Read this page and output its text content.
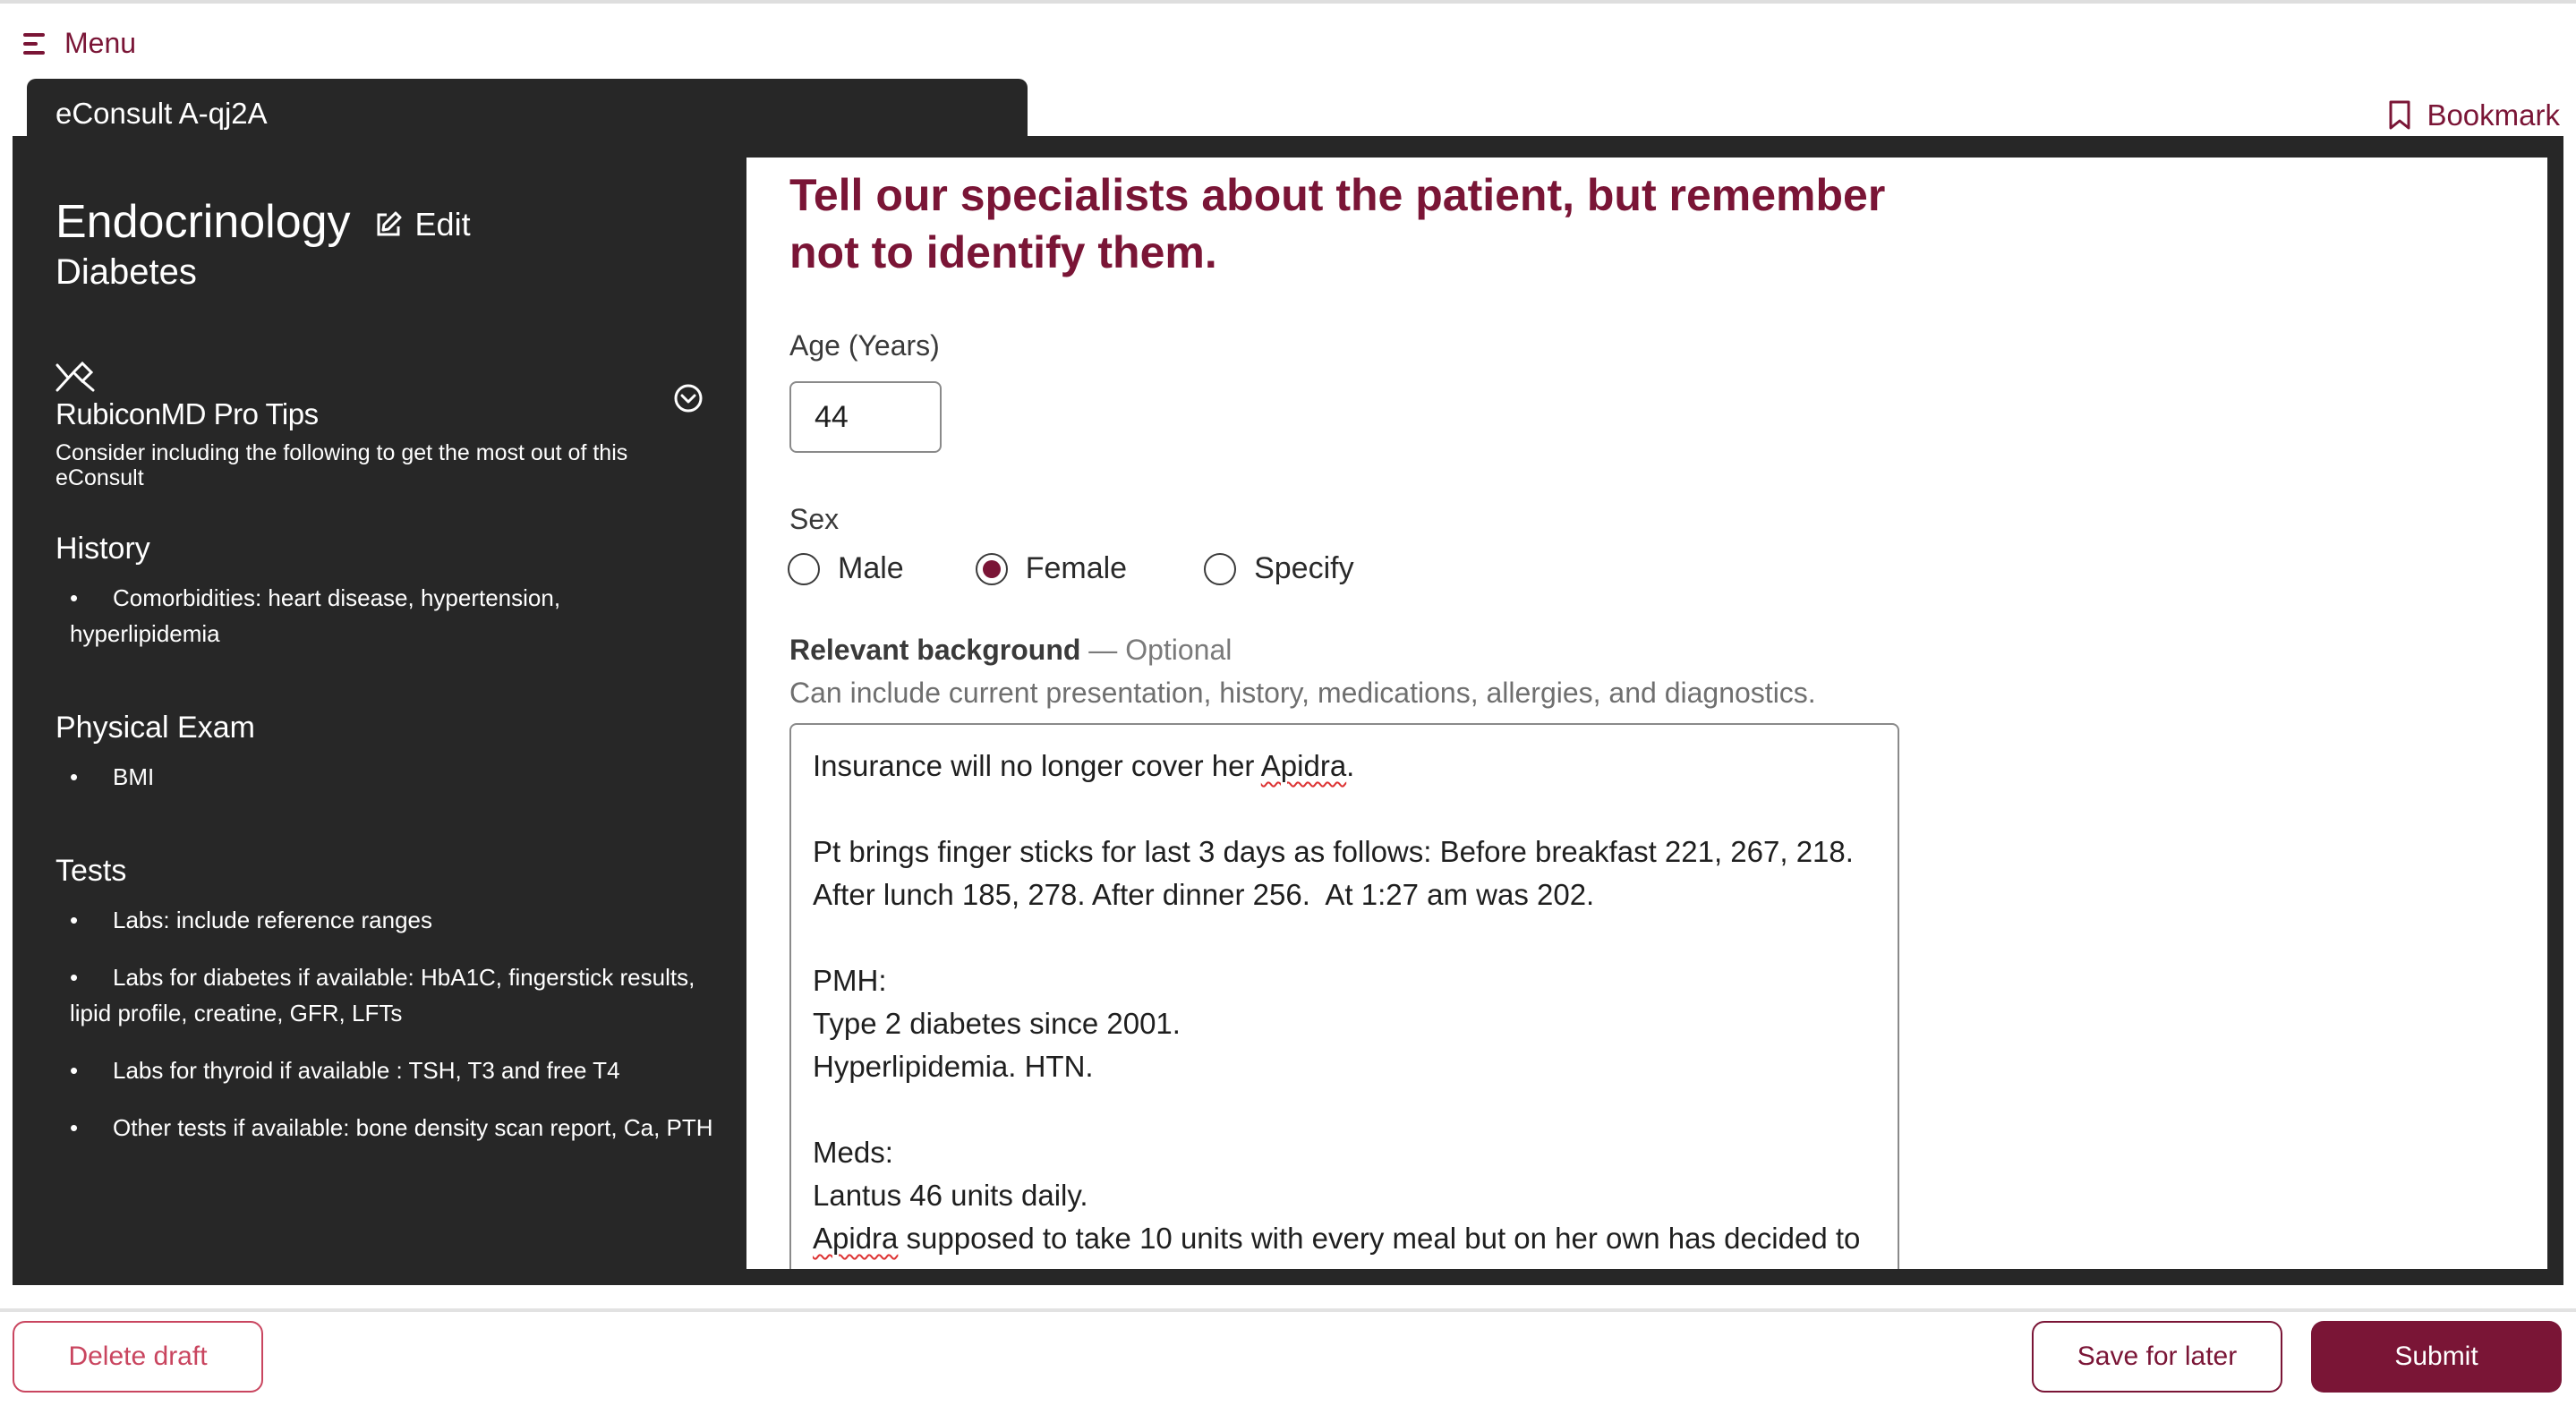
Menu
Bookmark
eConsult A-qj2A
Endocrinology Edit
Diabetes
RubiconMD Pro Tips
Consider including the following to get the most out of this eConsult
History
• Comorbidities: heart disease, hypertension, hyperlipidemia
Physical Exam
• BMI
Tests
• Labs: include reference ranges
• Labs for diabetes if available: HbA1C, fingerstick results, lipid profile, creatine, GFR, LFTs
• Labs for thyroid if available : TSH, T3 and free T4
• Other tests if available: bone density scan report, Ca, PTH
Tell our specialists about the patient, but remember not to identify them.
Age (Years)
44
Sex
Male	Female	Specify
Relevant background — Optional
Can include current presentation, history, medications, allergies, and diagnostics.
Insurance will no longer cover her Apidra.
Pt brings finger sticks for last 3 days as follows: Before breakfast 221, 267, 218.
After lunch 185, 278. After dinner 256.  At 1:27 am was 202.
PMH:
Type 2 diabetes since 2001.
Hyperlipidemia. HTN.
Meds:
Lantus 46 units daily.
Apidra supposed to take 10 units with every meal but on her own has decided to
Delete draft	Save for later	Submit
